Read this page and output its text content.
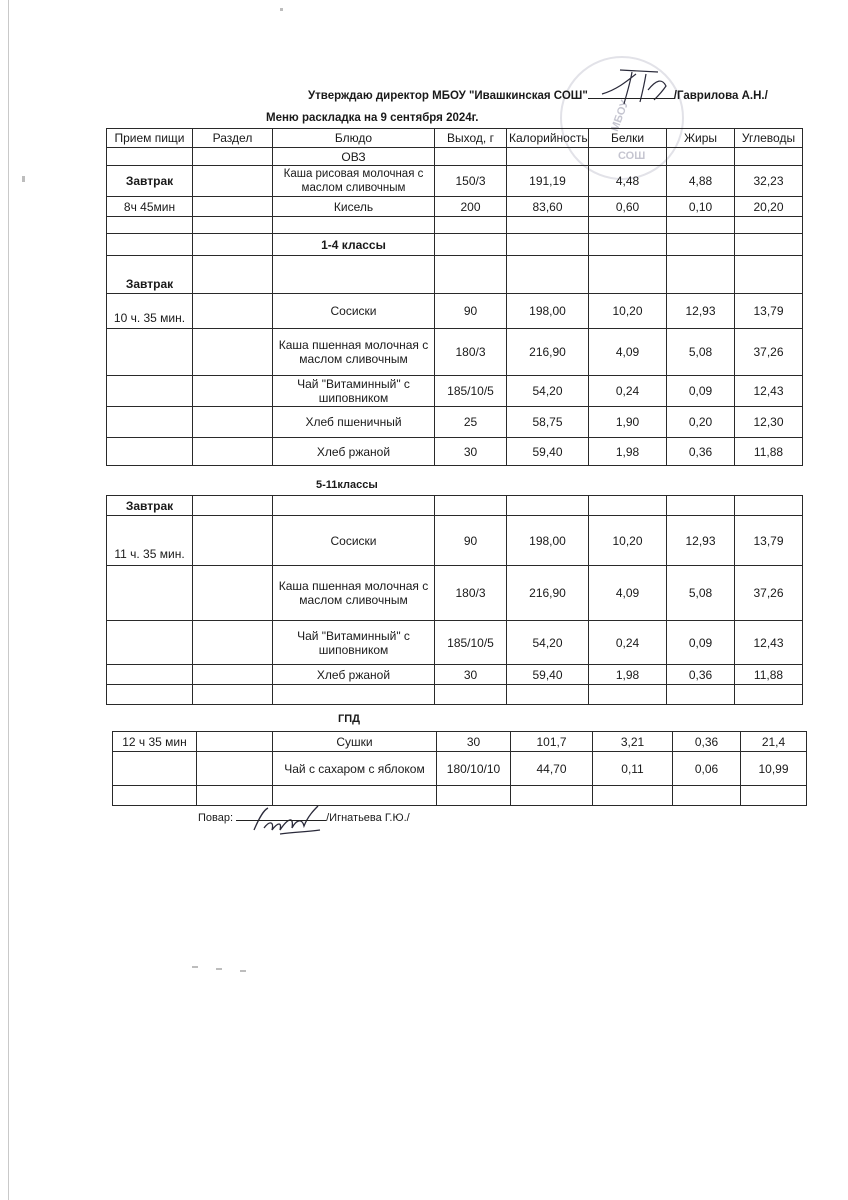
МБОУ
СОШ
Утверждаю директор МБОУ "Ивашкинская СОШ"	/Гаврилова А.Н./
Меню раскладка на 9 сентября 2024г.
Прием пищи	Раздел	Блюдо	Выход, г	Калорийность	Белки	Жиры	Углеводы
		ОВЗ					
Завтрак		Каша рисовая молочная с маслом сливочным	150/3	191,19	4,48	4,88	32,23
8ч 45мин		Кисель	200	83,60	0,60	0,10	20,20

		1-4 классы					
Завтрак							
10 ч. 35 мин.		Сосиски	90	198,00	10,20	12,93	13,79
		Каша пшенная молочная с маслом сливочным	180/3	216,90	4,09	5,08	37,26
		Чай "Витаминный" с шиповником	185/10/5	54,20	0,24	0,09	12,43
		Хлеб пшеничный	25	58,75	1,90	0,20	12,30
		Хлеб ржаной	30	59,40	1,98	0,36	11,88
5-11классы
Завтрак							
11 ч. 35 мин.		Сосиски	90	198,00	10,20	12,93	13,79
		Каша пшенная молочная с маслом сливочным	180/3	216,90	4,09	5,08	37,26
		Чай "Витаминный" с шиповником	185/10/5	54,20	0,24	0,09	12,43
		Хлеб ржаной	30	59,40	1,98	0,36	11,88

ГПД
12 ч 35 мин		Сушки	30	101,7	3,21	0,36	21,4
		Чай с сахаром с яблоком	180/10/10	44,70	0,11	0,06	10,99

Повар:	/Игнатьева Г.Ю./
